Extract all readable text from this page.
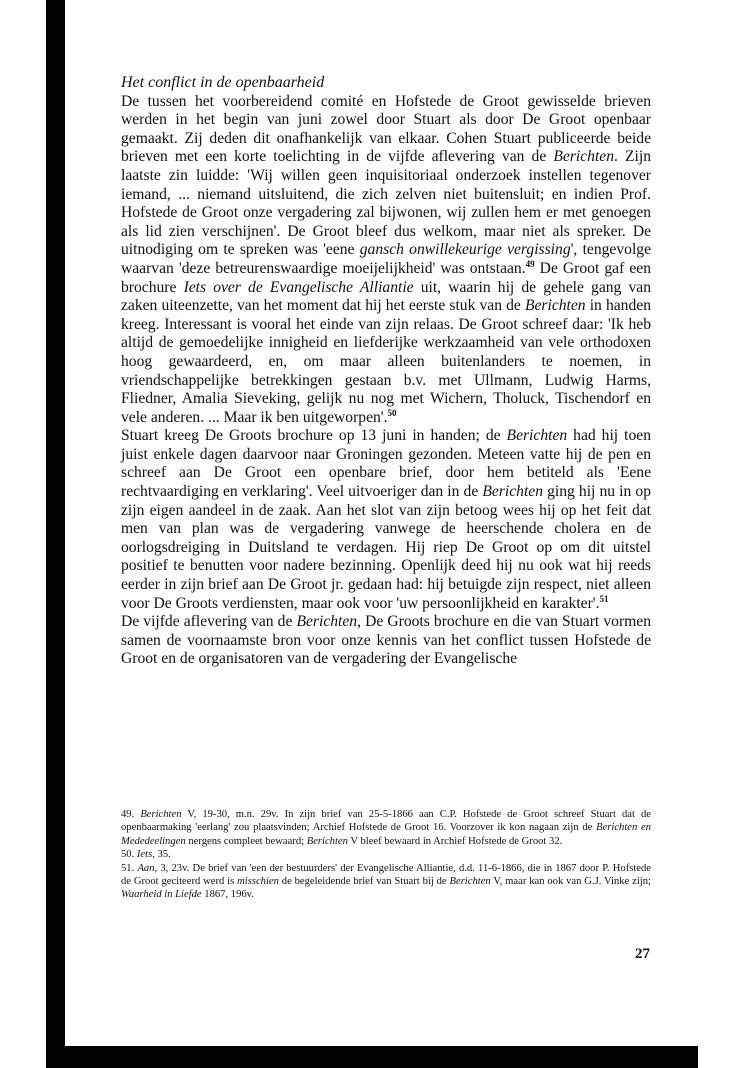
Het conflict in de openbaarheid

De tussen het voorbereidend comité en Hofstede de Groot gewisselde brieven werden in het begin van juni zowel door Stuart als door De Groot openbaar gemaakt. Zij deden dit onafhankelijk van elkaar. Cohen Stuart publiceerde beide brieven met een korte toelichting in de vijfde aflevering van de Berichten. Zijn laatste zin luidde: 'Wij willen geen inquisitoriaal onderzoek instellen tegenover iemand, ... niemand uitsluitend, die zich zelven niet buitensluit; en indien Prof. Hofstede de Groot onze vergadering zal bijwonen, wij zullen hem er met genoegen als lid zien verschijnen'. De Groot bleef dus welkom, maar niet als spreker. De uitnodiging om te spreken was 'eene gansch onwillekeurige vergissing', tengevolge waarvan 'deze betreurenswaardige moeijelijkheid' was ontstaan.$^{49}$ De Groot gaf een brochure Iets over de Evangelische Alliantie uit, waarin hij de gehele gang van zaken uiteenzette, van het moment dat hij het eerste stuk van de Berichten in handen kreeg. Interessant is vooral het einde van zijn relaas. De Groot schreef daar: 'Ik heb altijd de gemoedelijke innigheid en liefderijke werkzaamheid van vele orthodoxen hoog gewaardeerd, en, om maar alleen buitenlanders te noemen, in vriendschappelijke betrekkingen gestaan b.v. met Ullmann, Ludwig Harms, Fliedner, Amalia Sieveking, gelijk nu nog met Wichern, Tholuck, Tischendorf en vele anderen. ... Maar ik ben uitgeworpen'.$^{50}$

Stuart kreeg De Groots brochure op 13 juni in handen; de Berichten had hij toen juist enkele dagen daarvoor naar Groningen gezonden. Meteen vatte hij de pen en schreef aan De Groot een openbare brief, door hem betiteld als 'Eene rechtvaardiging en verklaring'. Veel uitvoeriger dan in de Berichten ging hij nu in op zijn eigen aandeel in de zaak. Aan het slot van zijn betoog wees hij op het feit dat men van plan was de vergadering vanwege de heerschende cholera en de oorlogsdreiging in Duitsland te verdagen. Hij riep De Groot op om dit uitstel positief te benutten voor nadere bezinning. Openlijk deed hij nu ook wat hij reeds eerder in zijn brief aan De Groot jr. gedaan had: hij betuigde zijn respect, niet alleen voor De Groots verdiensten, maar ook voor 'uw persoonlijkheid en karakter'.$^{51}$

De vijfde aflevering van de Berichten, De Groots brochure en die van Stuart vormen samen de voornaamste bron voor onze kennis van het conflict tussen Hofstede de Groot en de organisatoren van de vergadering der Evangelische

49. Berichten V, 19-30, m.n. 29v. In zijn brief van 25-5-1866 aan C.P. Hofstede de Groot schreef Stuart dat de openbaarmaking 'eerlang' zou plaatsvinden; Archief Hofstede de Groot 16. Voorzover ik kon nagaan zijn de Berichten en Mededeelingen nergens compleet bewaard; Berichten V bleef bewaard in Archief Hofstede de Groot 32.

50. Iets, 35.

51. Aan, 3, 23v. De brief van 'een der bestuurders' der Evangelische Alliantie, d.d. 11-6-1866, die in 1867 door P. Hofstede de Groot geciteerd werd is misschien de begeleidende brief van Stuart bij de Berichten V, maar kan ook van G.J. Vinke zijn; Waarheid in Liefde 1867, 196v.

27
